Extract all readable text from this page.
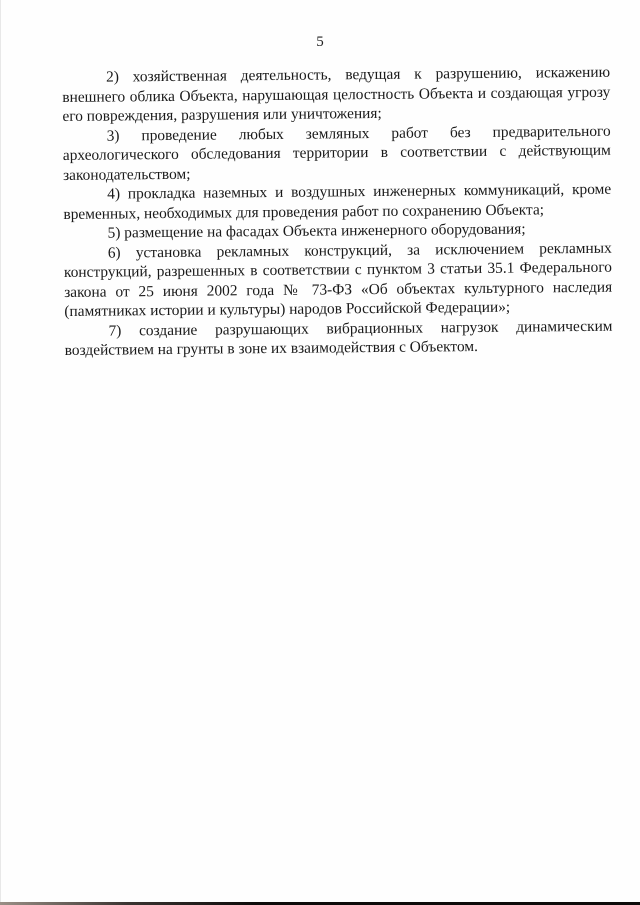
5
2) хозяйственная деятельность, ведущая к разрушению, искажению
внешнего облика Объекта, нарушающая целостность Объекта и создающая угрозу
его повреждения, разрушения или уничтожения;
3) проведение любых земляных работ без предварительного
археологического обследования территории в соответствии с действующим
законодательством;
4) прокладка наземных и воздушных инженерных коммуникаций, кроме
временных, необходимых для проведения работ по сохранению Объекта;
5) размещение на фасадах Объекта инженерного оборудования;
6) установка рекламных конструкций, за исключением рекламных
конструкций, разрешенных в соответствии с пунктом 3 статьи 35.1 Федерального
закона от 25 июня 2002 года № 73-ФЗ «Об объектах культурного наследия
(памятниках истории и культуры) народов Российской Федерации»;
7) создание разрушающих вибрационных нагрузок динамическим
воздействием на грунты в зоне их взаимодействия с Объектом.
